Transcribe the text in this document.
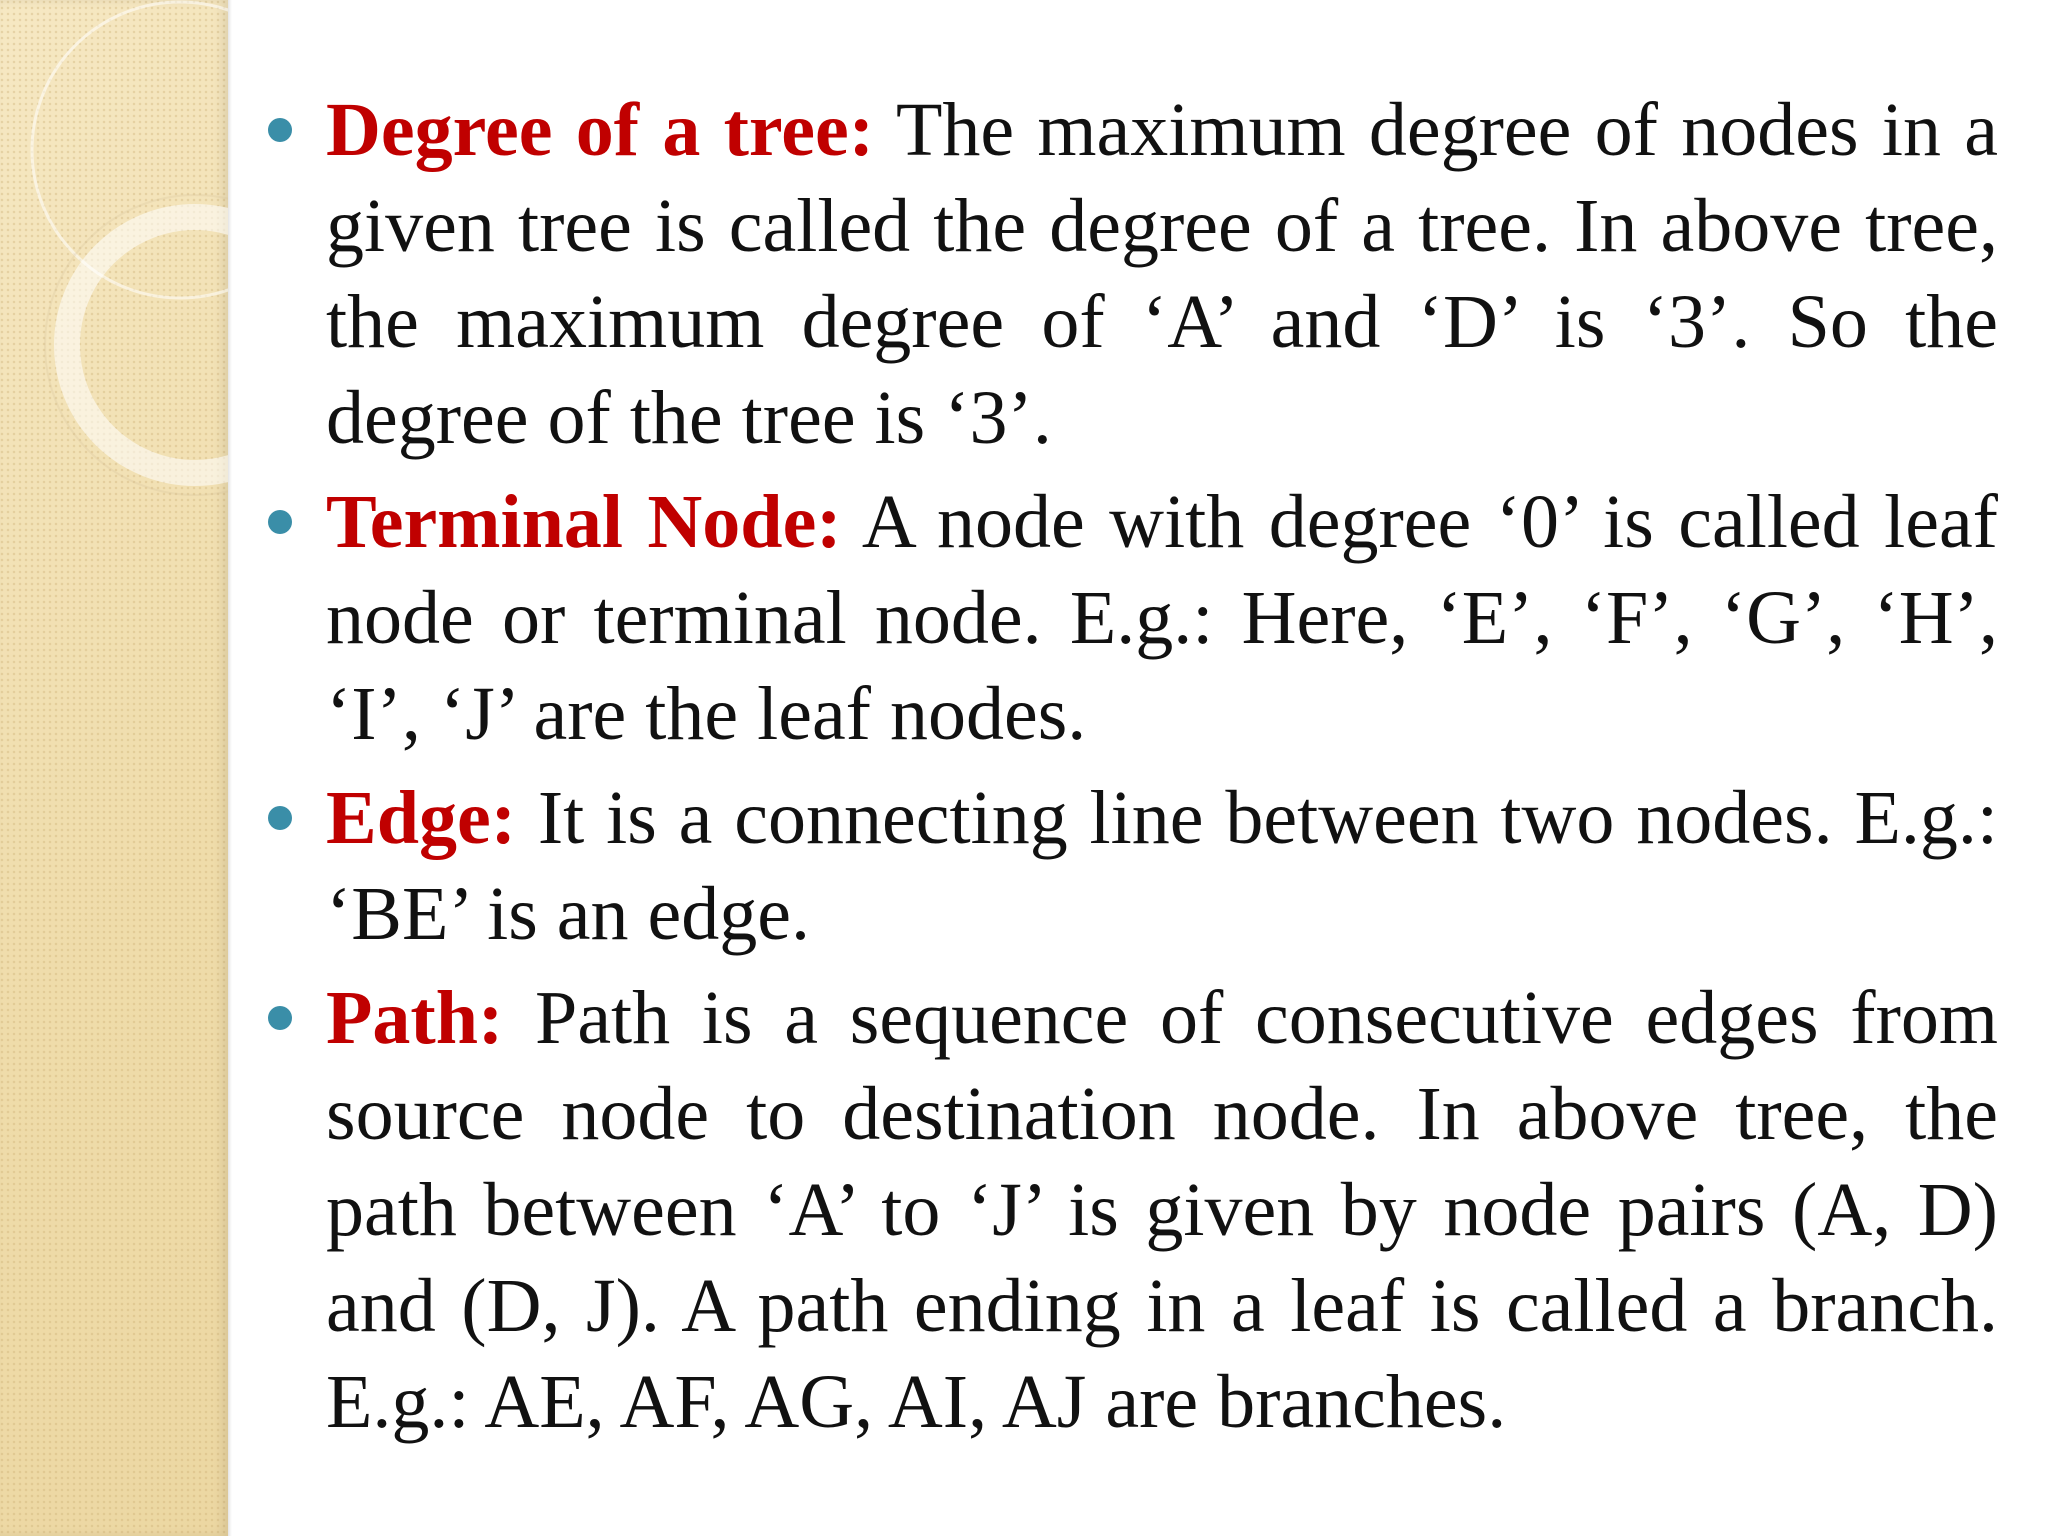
Degree of a tree: The maximum degree of nodes in a given tree is called the degree of a tree. In above tree, the maximum degree of ‘A’ and ‘D’ is ‘3’. So the degree of the tree is ‘3’.
Terminal Node: A node with degree ‘0’ is called leaf node or terminal node. E.g.: Here, ‘E’, ‘F’, ‘G’, ‘H’, ‘I’, ‘J’ are the leaf nodes.
Edge: It is a connecting line between two nodes. E.g.: ‘BE’ is an edge.
Path: Path is a sequence of consecutive edges from source node to destination node. In above tree, the path between ‘A’ to ‘J’ is given by node pairs (A, D) and (D, J). A path ending in a leaf is called a branch. E.g.: AE, AF, AG, AI, AJ are branches.
